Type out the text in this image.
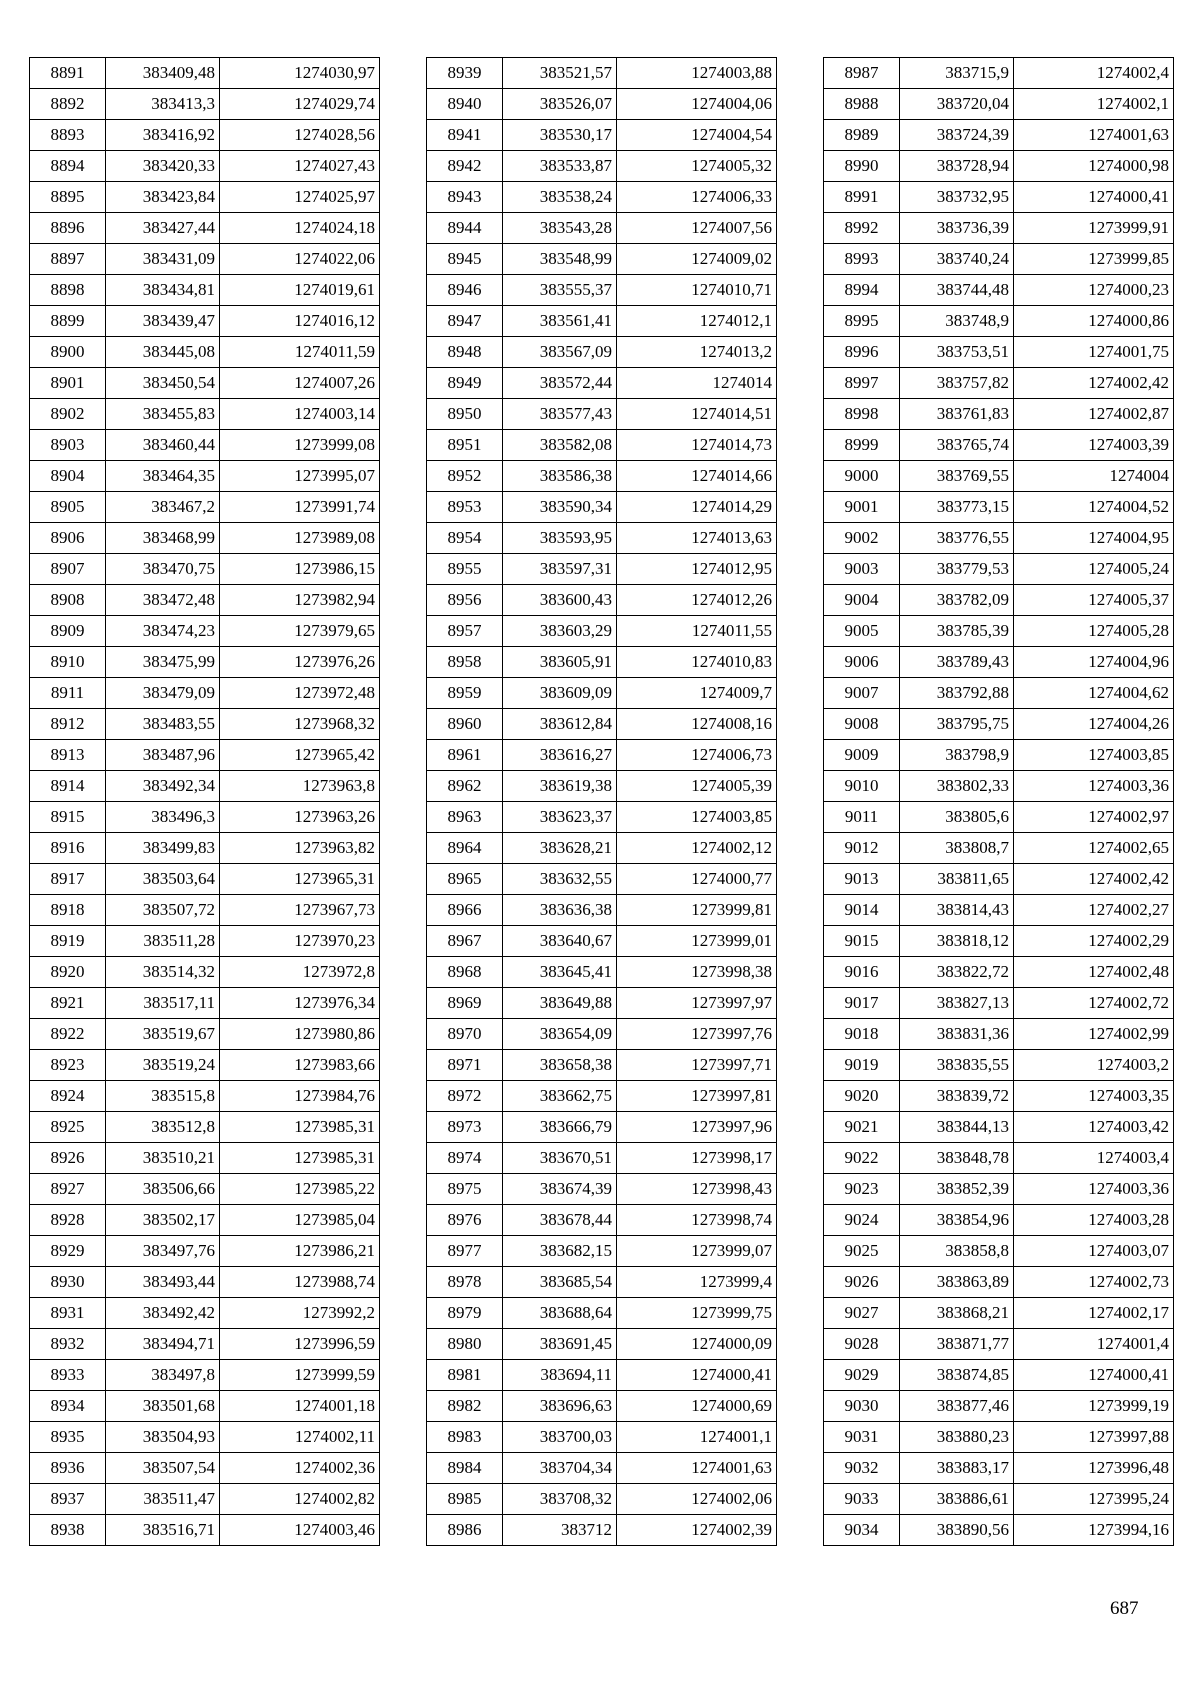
8891	383409,48	1274030,97
8892	383413,3	1274029,74
8893	383416,92	1274028,56
8894	383420,33	1274027,43
8895	383423,84	1274025,97
8896	383427,44	1274024,18
8897	383431,09	1274022,06
8898	383434,81	1274019,61
8899	383439,47	1274016,12
8900	383445,08	1274011,59
8901	383450,54	1274007,26
8902	383455,83	1274003,14
8903	383460,44	1273999,08
8904	383464,35	1273995,07
8905	383467,2	1273991,74
8906	383468,99	1273989,08
8907	383470,75	1273986,15
8908	383472,48	1273982,94
8909	383474,23	1273979,65
8910	383475,99	1273976,26
8911	383479,09	1273972,48
8912	383483,55	1273968,32
8913	383487,96	1273965,42
8914	383492,34	1273963,8
8915	383496,3	1273963,26
8916	383499,83	1273963,82
8917	383503,64	1273965,31
8918	383507,72	1273967,73
8919	383511,28	1273970,23
8920	383514,32	1273972,8
8921	383517,11	1273976,34
8922	383519,67	1273980,86
8923	383519,24	1273983,66
8924	383515,8	1273984,76
8925	383512,8	1273985,31
8926	383510,21	1273985,31
8927	383506,66	1273985,22
8928	383502,17	1273985,04
8929	383497,76	1273986,21
8930	383493,44	1273988,74
8931	383492,42	1273992,2
8932	383494,71	1273996,59
8933	383497,8	1273999,59
8934	383501,68	1274001,18
8935	383504,93	1274002,11
8936	383507,54	1274002,36
8937	383511,47	1274002,82
8938	383516,71	1274003,46
8939	383521,57	1274003,88
8940	383526,07	1274004,06
8941	383530,17	1274004,54
8942	383533,87	1274005,32
8943	383538,24	1274006,33
8944	383543,28	1274007,56
8945	383548,99	1274009,02
8946	383555,37	1274010,71
8947	383561,41	1274012,1
8948	383567,09	1274013,2
8949	383572,44	1274014
8950	383577,43	1274014,51
8951	383582,08	1274014,73
8952	383586,38	1274014,66
8953	383590,34	1274014,29
8954	383593,95	1274013,63
8955	383597,31	1274012,95
8956	383600,43	1274012,26
8957	383603,29	1274011,55
8958	383605,91	1274010,83
8959	383609,09	1274009,7
8960	383612,84	1274008,16
8961	383616,27	1274006,73
8962	383619,38	1274005,39
8963	383623,37	1274003,85
8964	383628,21	1274002,12
8965	383632,55	1274000,77
8966	383636,38	1273999,81
8967	383640,67	1273999,01
8968	383645,41	1273998,38
8969	383649,88	1273997,97
8970	383654,09	1273997,76
8971	383658,38	1273997,71
8972	383662,75	1273997,81
8973	383666,79	1273997,96
8974	383670,51	1273998,17
8975	383674,39	1273998,43
8976	383678,44	1273998,74
8977	383682,15	1273999,07
8978	383685,54	1273999,4
8979	383688,64	1273999,75
8980	383691,45	1274000,09
8981	383694,11	1274000,41
8982	383696,63	1274000,69
8983	383700,03	1274001,1
8984	383704,34	1274001,63
8985	383708,32	1274002,06
8986	383712	1274002,39
8987	383715,9	1274002,4
8988	383720,04	1274002,1
8989	383724,39	1274001,63
8990	383728,94	1274000,98
8991	383732,95	1274000,41
8992	383736,39	1273999,91
8993	383740,24	1273999,85
8994	383744,48	1274000,23
8995	383748,9	1274000,86
8996	383753,51	1274001,75
8997	383757,82	1274002,42
8998	383761,83	1274002,87
8999	383765,74	1274003,39
9000	383769,55	1274004
9001	383773,15	1274004,52
9002	383776,55	1274004,95
9003	383779,53	1274005,24
9004	383782,09	1274005,37
9005	383785,39	1274005,28
9006	383789,43	1274004,96
9007	383792,88	1274004,62
9008	383795,75	1274004,26
9009	383798,9	1274003,85
9010	383802,33	1274003,36
9011	383805,6	1274002,97
9012	383808,7	1274002,65
9013	383811,65	1274002,42
9014	383814,43	1274002,27
9015	383818,12	1274002,29
9016	383822,72	1274002,48
9017	383827,13	1274002,72
9018	383831,36	1274002,99
9019	383835,55	1274003,2
9020	383839,72	1274003,35
9021	383844,13	1274003,42
9022	383848,78	1274003,4
9023	383852,39	1274003,36
9024	383854,96	1274003,28
9025	383858,8	1274003,07
9026	383863,89	1274002,73
9027	383868,21	1274002,17
9028	383871,77	1274001,4
9029	383874,85	1274000,41
9030	383877,46	1273999,19
9031	383880,23	1273997,88
9032	383883,17	1273996,48
9033	383886,61	1273995,24
9034	383890,56	1273994,16
687
